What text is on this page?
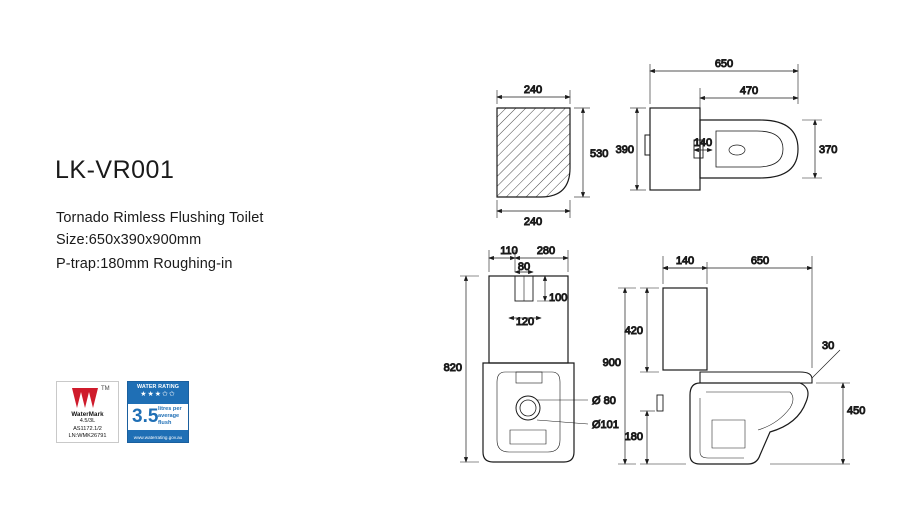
LK-VR001
Tornado Rimless Flushing Toilet
Size:650x390x900mm
P-trap:180mm Roughing-in
TM
WaterMark
4.5/3L
AS1172.1/2
LN:WMK26791
WATER RATING
★★★✩✩
3.5 litres per average flush
www.waterrating.gov.au
240
240
530
650
470
390	370
140
110 280
80
100
120
820
Ø 80
Ø101
650
140
420
900
30
450
180
